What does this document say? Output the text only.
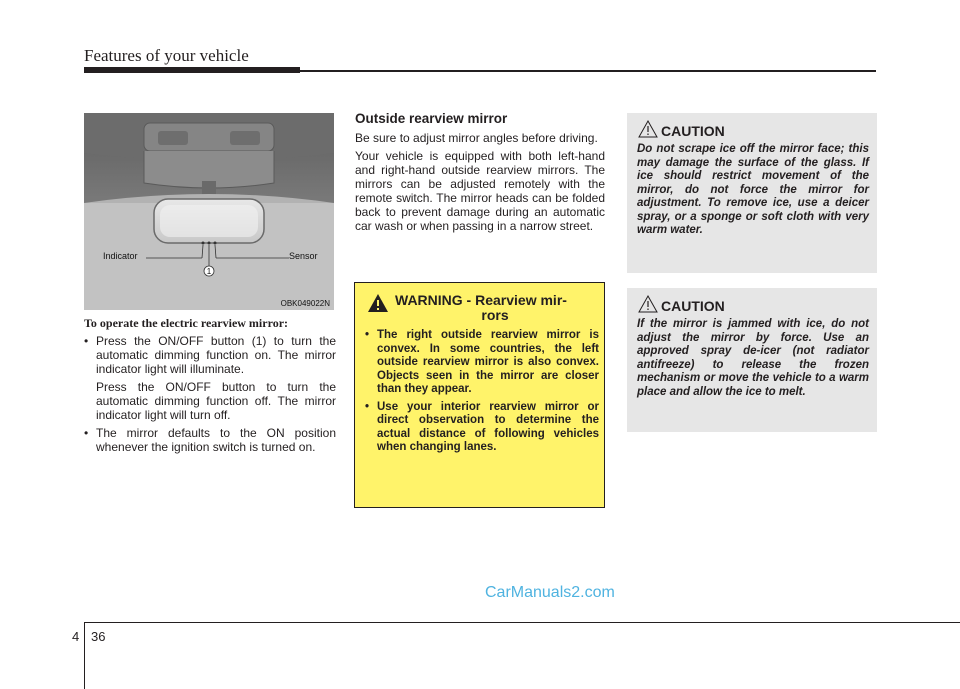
Features of your vehicle
1
Indicator	Sensor
OBK049022N
To operate the electric rearview mirror:
• Press the ON/OFF button (1) to turn the automatic dimming function on. The mirror indicator light will illuminate.
Press the ON/OFF button to turn the automatic dimming function off. The mirror indicator light will turn off.
• The mirror defaults to the ON position whenever the ignition switch is turned on.
Outside rearview mirror

Be sure to adjust mirror angles before driving.

Your vehicle is equipped with both left-hand and right-hand outside rearview mirrors. The mirrors can be adjusted remotely with the remote switch. The mirror heads can be folded back to prevent damage during an automatic car wash or when passing in a narrow street.

WARNING - Rearview mir-
rors
• The right outside rearview mirror is convex. In some countries, the left outside rearview mirror is also convex. Objects seen in the mirror are closer than they appear.
• Use your interior rearview mirror or direct observation to determine the actual distance of following vehicles when changing lanes.
CAUTION
Do not scrape ice off the mirror face; this may damage the surface of the glass. If ice should restrict movement of the mirror, do not force the mirror for adjustment. To remove ice, use a deicer spray, or a sponge or soft cloth with very warm water.
CAUTION
If the mirror is jammed with ice, do not adjust the mirror by force. Use an approved spray de-icer (not radiator antifreeze) to release the frozen mechanism or move the vehicle to a warm place and allow the ice to melt.
CarManuals2.com
4 36
